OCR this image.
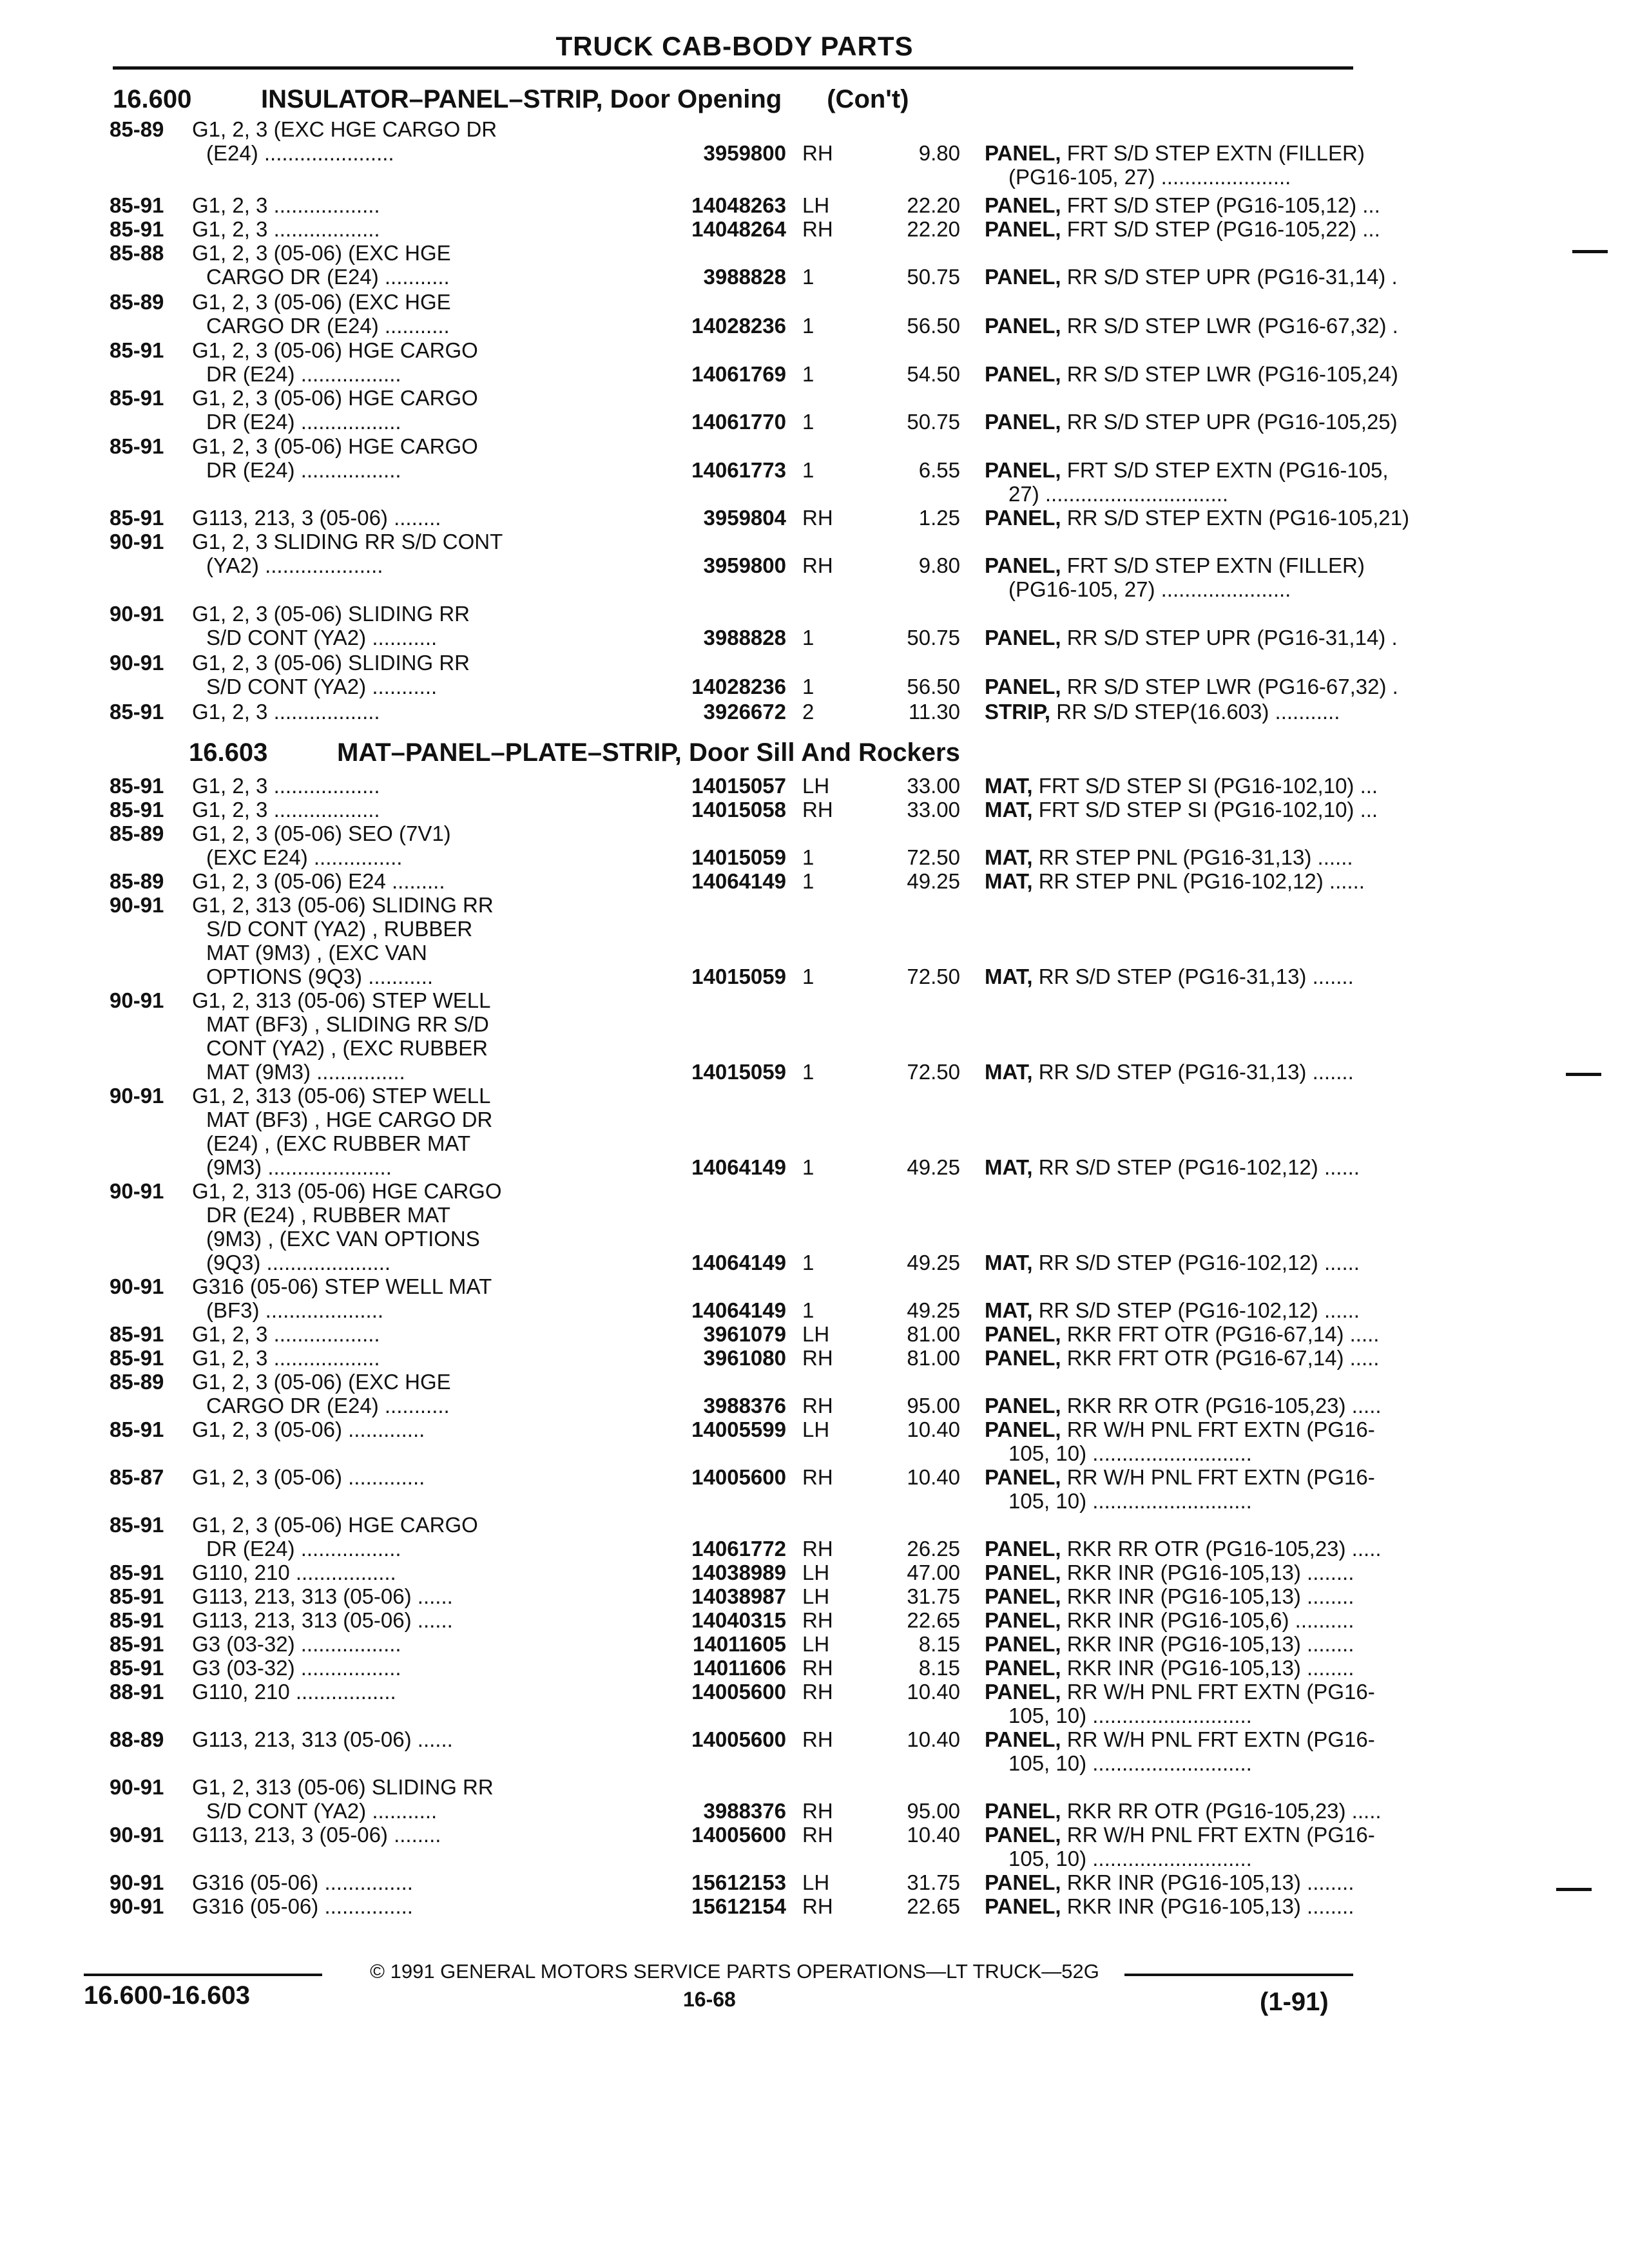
TRUCK CAB-BODY PARTS
16.600	INSULATOR–PANEL–STRIP, Door Opening (Con't)
85-89 G1, 2, 3 (EXC HGE CARGO DR
(E24) ......................	3959800 RH	9.80 PANEL, FRT S/D STEP EXTN (FILLER)
(PG16-105, 27) ......................
85-91 G1, 2, 3 ..................	14048263 LH	22.20 PANEL, FRT S/D STEP (PG16-105,12) ...
85-91 G1, 2, 3 ..................	14048264 RH	22.20 PANEL, FRT S/D STEP (PG16-105,22) ...
85-88 G1, 2, 3 (05-06) (EXC HGE
CARGO DR (E24) ...........	3988828 1	50.75 PANEL, RR S/D STEP UPR (PG16-31,14) .
85-89 G1, 2, 3 (05-06) (EXC HGE
CARGO DR (E24) ...........	14028236 1	56.50 PANEL, RR S/D STEP LWR (PG16-67,32) .
85-91 G1, 2, 3 (05-06) HGE CARGO
DR (E24) .................	14061769 1	54.50 PANEL, RR S/D STEP LWR (PG16-105,24)
85-91 G1, 2, 3 (05-06) HGE CARGO
DR (E24) .................	14061770 1	50.75 PANEL, RR S/D STEP UPR (PG16-105,25)
85-91 G1, 2, 3 (05-06) HGE CARGO
DR (E24) .................	14061773 1	6.55 PANEL, FRT S/D STEP EXTN (PG16-105,
27) ...............................
85-91 G113, 213, 3 (05-06) ........	3959804 RH	1.25 PANEL, RR S/D STEP EXTN (PG16-105,21)
90-91 G1, 2, 3 SLIDING RR S/D CONT
(YA2) ....................	3959800 RH	9.80 PANEL, FRT S/D STEP EXTN (FILLER)
(PG16-105, 27) ......................
90-91 G1, 2, 3 (05-06) SLIDING RR
S/D CONT (YA2) ...........	3988828 1	50.75 PANEL, RR S/D STEP UPR (PG16-31,14) .
90-91 G1, 2, 3 (05-06) SLIDING RR
S/D CONT (YA2) ...........	14028236 1	56.50 PANEL, RR S/D STEP LWR (PG16-67,32) .
85-91 G1, 2, 3 ..................	3926672 2	11.30 STRIP, RR S/D STEP(16.603) ...........
16.603	MAT–PANEL–PLATE–STRIP, Door Sill And Rockers
85-91 G1, 2, 3 ..................	14015057 LH	33.00 MAT, FRT S/D STEP SI (PG16-102,10) ...
85-91 G1, 2, 3 ..................	14015058 RH	33.00 MAT, FRT S/D STEP SI (PG16-102,10) ...
85-89 G1, 2, 3 (05-06) SEO (7V1)
(EXC E24) ...............	14015059 1	72.50 MAT, RR STEP PNL (PG16-31,13) ......
85-89 G1, 2, 3 (05-06) E24 .........	14064149 1	49.25 MAT, RR STEP PNL (PG16-102,12) ......
90-91 G1, 2, 313 (05-06) SLIDING RR
S/D CONT (YA2) , RUBBER
MAT (9M3) , (EXC VAN
OPTIONS (9Q3) ...........	14015059 1	72.50 MAT, RR S/D STEP (PG16-31,13) .......
90-91 G1, 2, 313 (05-06) STEP WELL
MAT (BF3) , SLIDING RR S/D
CONT (YA2) , (EXC RUBBER
MAT (9M3) ...............	14015059 1	72.50 MAT, RR S/D STEP (PG16-31,13) .......
90-91 G1, 2, 313 (05-06) STEP WELL
MAT (BF3) , HGE CARGO DR
(E24) , (EXC RUBBER MAT
(9M3) .....................	14064149 1	49.25 MAT, RR S/D STEP (PG16-102,12) ......
90-91 G1, 2, 313 (05-06) HGE CARGO
DR (E24) , RUBBER MAT
(9M3) , (EXC VAN OPTIONS
(9Q3) .....................	14064149 1	49.25 MAT, RR S/D STEP (PG16-102,12) ......
90-91 G316 (05-06) STEP WELL MAT
(BF3) ....................	14064149 1	49.25 MAT, RR S/D STEP (PG16-102,12) ......
85-91 G1, 2, 3 ..................	3961079 LH	81.00 PANEL, RKR FRT OTR (PG16-67,14) .....
85-91 G1, 2, 3 ..................	3961080 RH	81.00 PANEL, RKR FRT OTR (PG16-67,14) .....
85-89 G1, 2, 3 (05-06) (EXC HGE
CARGO DR (E24) ...........	3988376 RH	95.00 PANEL, RKR RR OTR (PG16-105,23) .....
85-91 G1, 2, 3 (05-06) .............	14005599 LH	10.40 PANEL, RR W/H PNL FRT EXTN (PG16-
105, 10) ...........................
85-87 G1, 2, 3 (05-06) .............	14005600 RH	10.40 PANEL, RR W/H PNL FRT EXTN (PG16-
105, 10) ...........................
85-91 G1, 2, 3 (05-06) HGE CARGO
DR (E24) .................	14061772 RH	26.25 PANEL, RKR RR OTR (PG16-105,23) .....
85-91 G110, 210 .................	14038989 LH	47.00 PANEL, RKR INR (PG16-105,13) ........
85-91 G113, 213, 313 (05-06) ......	14038987 LH	31.75 PANEL, RKR INR (PG16-105,13) ........
85-91 G113, 213, 313 (05-06) ......	14040315 RH	22.65 PANEL, RKR INR (PG16-105,6) ..........
85-91 G3 (03-32) .................	14011605 LH	8.15 PANEL, RKR INR (PG16-105,13) ........
85-91 G3 (03-32) .................	14011606 RH	8.15 PANEL, RKR INR (PG16-105,13) ........
88-91 G110, 210 .................	14005600 RH	10.40 PANEL, RR W/H PNL FRT EXTN (PG16-
105, 10) ...........................
88-89 G113, 213, 313 (05-06) ......	14005600 RH	10.40 PANEL, RR W/H PNL FRT EXTN (PG16-
105, 10) ...........................
90-91 G1, 2, 313 (05-06) SLIDING RR
S/D CONT (YA2) ...........	3988376 RH	95.00 PANEL, RKR RR OTR (PG16-105,23) .....
90-91 G113, 213, 3 (05-06) ........	14005600 RH	10.40 PANEL, RR W/H PNL FRT EXTN (PG16-
105, 10) ...........................
90-91 G316 (05-06) ...............	15612153 LH	31.75 PANEL, RKR INR (PG16-105,13) ........
90-91 G316 (05-06) ...............	15612154 RH	22.65 PANEL, RKR INR (PG16-105,13) ........
© 1991 GENERAL MOTORS SERVICE PARTS OPERATIONS—LT TRUCK—52G
16.600-16.603	16-68	(1-91)
